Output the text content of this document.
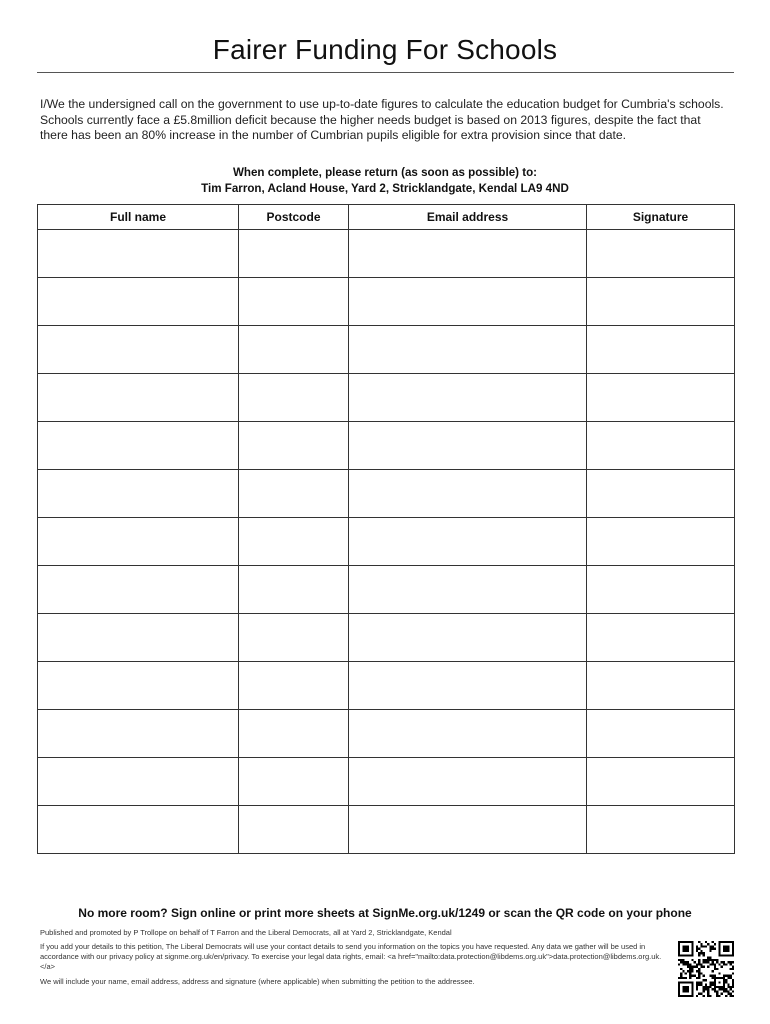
Fairer Funding For Schools
I/We the undersigned call on the government to use up-to-date figures to calculate the education budget for Cumbria's schools. Schools currently face a £5.8million deficit because the higher needs budget is based on 2013 figures, despite the fact that there has been an 80% increase in the number of Cumbrian pupils eligible for extra provision since that date.
When complete, please return (as soon as possible) to:
Tim Farron, Acland House, Yard 2, Stricklandgate, Kendal LA9 4ND
Full name	Postcode	Email address	Signature

No more room? Sign online or print more sheets at SignMe.org.uk/1249 or scan the QR code on your phone
Published and promoted by P Trollope on behalf of T Farron and the Liberal Democrats, all at Yard 2, Stricklandgate, Kendal
If you add your details to this petition, The Liberal Democrats will use your contact details to send you information on the topics you have requested. Any data we gather will be used in accordance with our privacy policy at signme.org.uk/en/privacy. To exercise your legal data rights, email: <a href="mailto:data.protection@libdems.org.uk">data.protection@libdems.org.uk.</a>
We will include your name, email address, address and signature (where applicable) when submitting the petition to the addressee.
